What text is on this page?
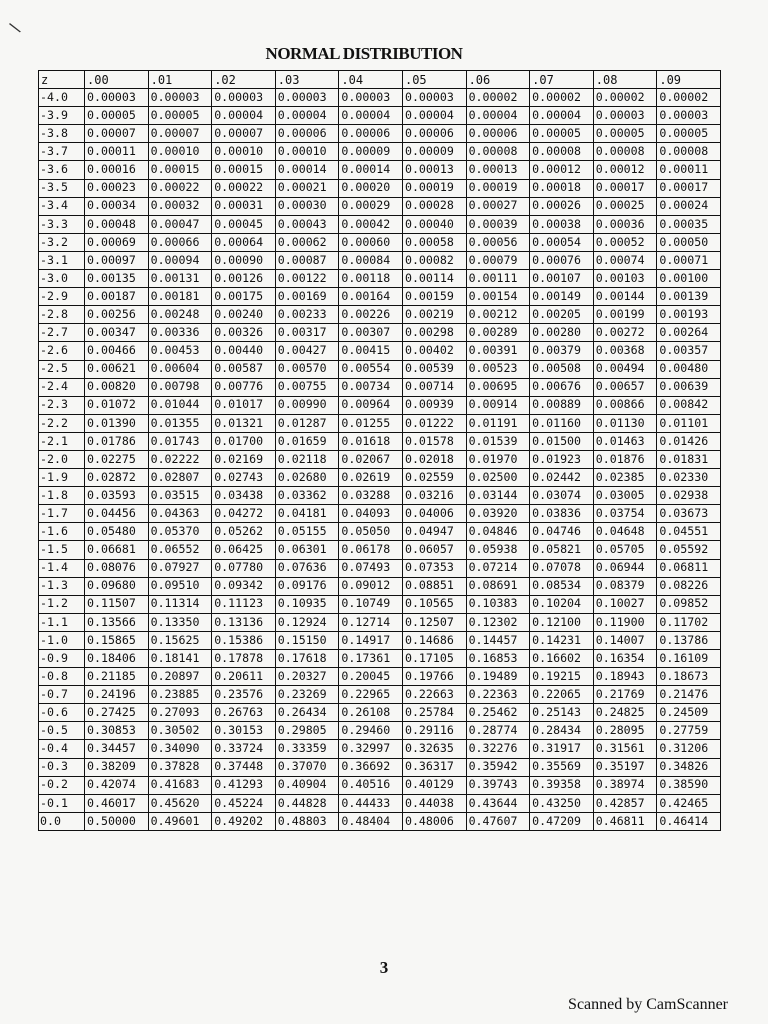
\
NORMAL DISTRIBUTION
z	.00	.01	.02	.03	.04	.05	.06	.07	.08	.09
-4.0	0.00003	0.00003	0.00003	0.00003	0.00003	0.00003	0.00002	0.00002	0.00002	0.00002
-3.9	0.00005	0.00005	0.00004	0.00004	0.00004	0.00004	0.00004	0.00004	0.00003	0.00003
-3.8	0.00007	0.00007	0.00007	0.00006	0.00006	0.00006	0.00006	0.00005	0.00005	0.00005
-3.7	0.00011	0.00010	0.00010	0.00010	0.00009	0.00009	0.00008	0.00008	0.00008	0.00008
-3.6	0.00016	0.00015	0.00015	0.00014	0.00014	0.00013	0.00013	0.00012	0.00012	0.00011
-3.5	0.00023	0.00022	0.00022	0.00021	0.00020	0.00019	0.00019	0.00018	0.00017	0.00017
-3.4	0.00034	0.00032	0.00031	0.00030	0.00029	0.00028	0.00027	0.00026	0.00025	0.00024
-3.3	0.00048	0.00047	0.00045	0.00043	0.00042	0.00040	0.00039	0.00038	0.00036	0.00035
-3.2	0.00069	0.00066	0.00064	0.00062	0.00060	0.00058	0.00056	0.00054	0.00052	0.00050
-3.1	0.00097	0.00094	0.00090	0.00087	0.00084	0.00082	0.00079	0.00076	0.00074	0.00071
-3.0	0.00135	0.00131	0.00126	0.00122	0.00118	0.00114	0.00111	0.00107	0.00103	0.00100
-2.9	0.00187	0.00181	0.00175	0.00169	0.00164	0.00159	0.00154	0.00149	0.00144	0.00139
-2.8	0.00256	0.00248	0.00240	0.00233	0.00226	0.00219	0.00212	0.00205	0.00199	0.00193
-2.7	0.00347	0.00336	0.00326	0.00317	0.00307	0.00298	0.00289	0.00280	0.00272	0.00264
-2.6	0.00466	0.00453	0.00440	0.00427	0.00415	0.00402	0.00391	0.00379	0.00368	0.00357
-2.5	0.00621	0.00604	0.00587	0.00570	0.00554	0.00539	0.00523	0.00508	0.00494	0.00480
-2.4	0.00820	0.00798	0.00776	0.00755	0.00734	0.00714	0.00695	0.00676	0.00657	0.00639
-2.3	0.01072	0.01044	0.01017	0.00990	0.00964	0.00939	0.00914	0.00889	0.00866	0.00842
-2.2	0.01390	0.01355	0.01321	0.01287	0.01255	0.01222	0.01191	0.01160	0.01130	0.01101
-2.1	0.01786	0.01743	0.01700	0.01659	0.01618	0.01578	0.01539	0.01500	0.01463	0.01426
-2.0	0.02275	0.02222	0.02169	0.02118	0.02067	0.02018	0.01970	0.01923	0.01876	0.01831
-1.9	0.02872	0.02807	0.02743	0.02680	0.02619	0.02559	0.02500	0.02442	0.02385	0.02330
-1.8	0.03593	0.03515	0.03438	0.03362	0.03288	0.03216	0.03144	0.03074	0.03005	0.02938
-1.7	0.04456	0.04363	0.04272	0.04181	0.04093	0.04006	0.03920	0.03836	0.03754	0.03673
-1.6	0.05480	0.05370	0.05262	0.05155	0.05050	0.04947	0.04846	0.04746	0.04648	0.04551
-1.5	0.06681	0.06552	0.06425	0.06301	0.06178	0.06057	0.05938	0.05821	0.05705	0.05592
-1.4	0.08076	0.07927	0.07780	0.07636	0.07493	0.07353	0.07214	0.07078	0.06944	0.06811
-1.3	0.09680	0.09510	0.09342	0.09176	0.09012	0.08851	0.08691	0.08534	0.08379	0.08226
-1.2	0.11507	0.11314	0.11123	0.10935	0.10749	0.10565	0.10383	0.10204	0.10027	0.09852
-1.1	0.13566	0.13350	0.13136	0.12924	0.12714	0.12507	0.12302	0.12100	0.11900	0.11702
-1.0	0.15865	0.15625	0.15386	0.15150	0.14917	0.14686	0.14457	0.14231	0.14007	0.13786
-0.9	0.18406	0.18141	0.17878	0.17618	0.17361	0.17105	0.16853	0.16602	0.16354	0.16109
-0.8	0.21185	0.20897	0.20611	0.20327	0.20045	0.19766	0.19489	0.19215	0.18943	0.18673
-0.7	0.24196	0.23885	0.23576	0.23269	0.22965	0.22663	0.22363	0.22065	0.21769	0.21476
-0.6	0.27425	0.27093	0.26763	0.26434	0.26108	0.25784	0.25462	0.25143	0.24825	0.24509
-0.5	0.30853	0.30502	0.30153	0.29805	0.29460	0.29116	0.28774	0.28434	0.28095	0.27759
-0.4	0.34457	0.34090	0.33724	0.33359	0.32997	0.32635	0.32276	0.31917	0.31561	0.31206
-0.3	0.38209	0.37828	0.37448	0.37070	0.36692	0.36317	0.35942	0.35569	0.35197	0.34826
-0.2	0.42074	0.41683	0.41293	0.40904	0.40516	0.40129	0.39743	0.39358	0.38974	0.38590
-0.1	0.46017	0.45620	0.45224	0.44828	0.44433	0.44038	0.43644	0.43250	0.42857	0.42465
0.0	0.50000	0.49601	0.49202	0.48803	0.48404	0.48006	0.47607	0.47209	0.46811	0.46414
3
Scanned by CamScanner
